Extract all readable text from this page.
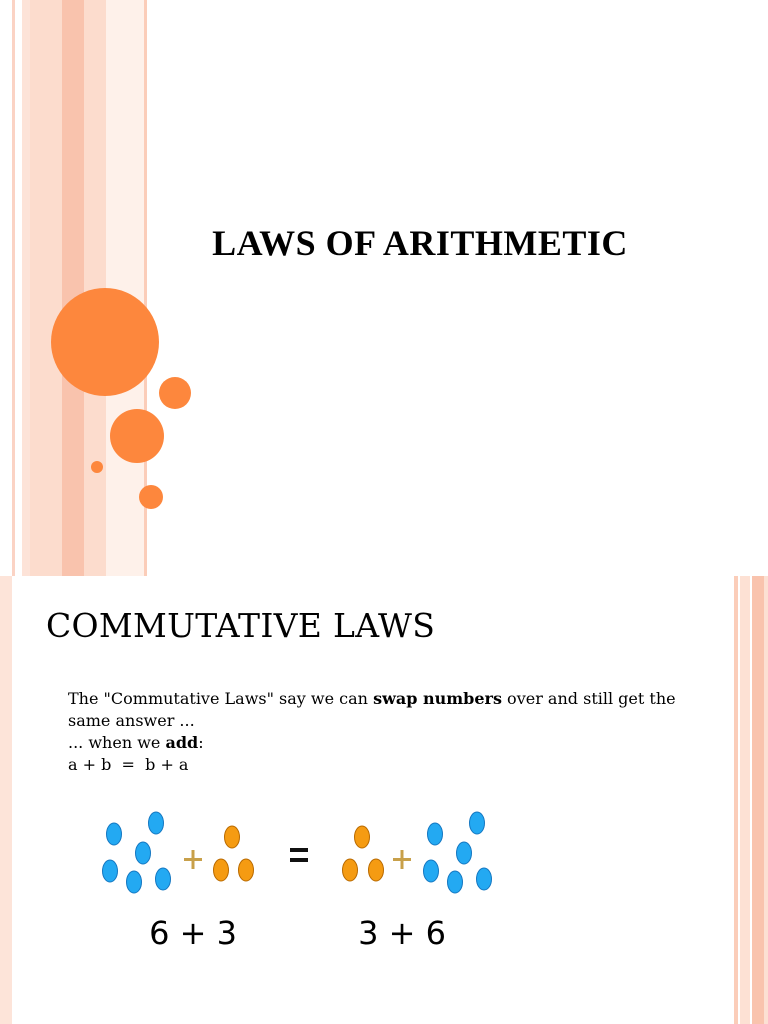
LAWS OF ARITHMETIC
COMMUTATIVE LAWS

The "Commutative Laws" say we can swap numbers over and still get the same answer ...

... when we add:

a + b  =  b + a

6 + 3	3 + 6
